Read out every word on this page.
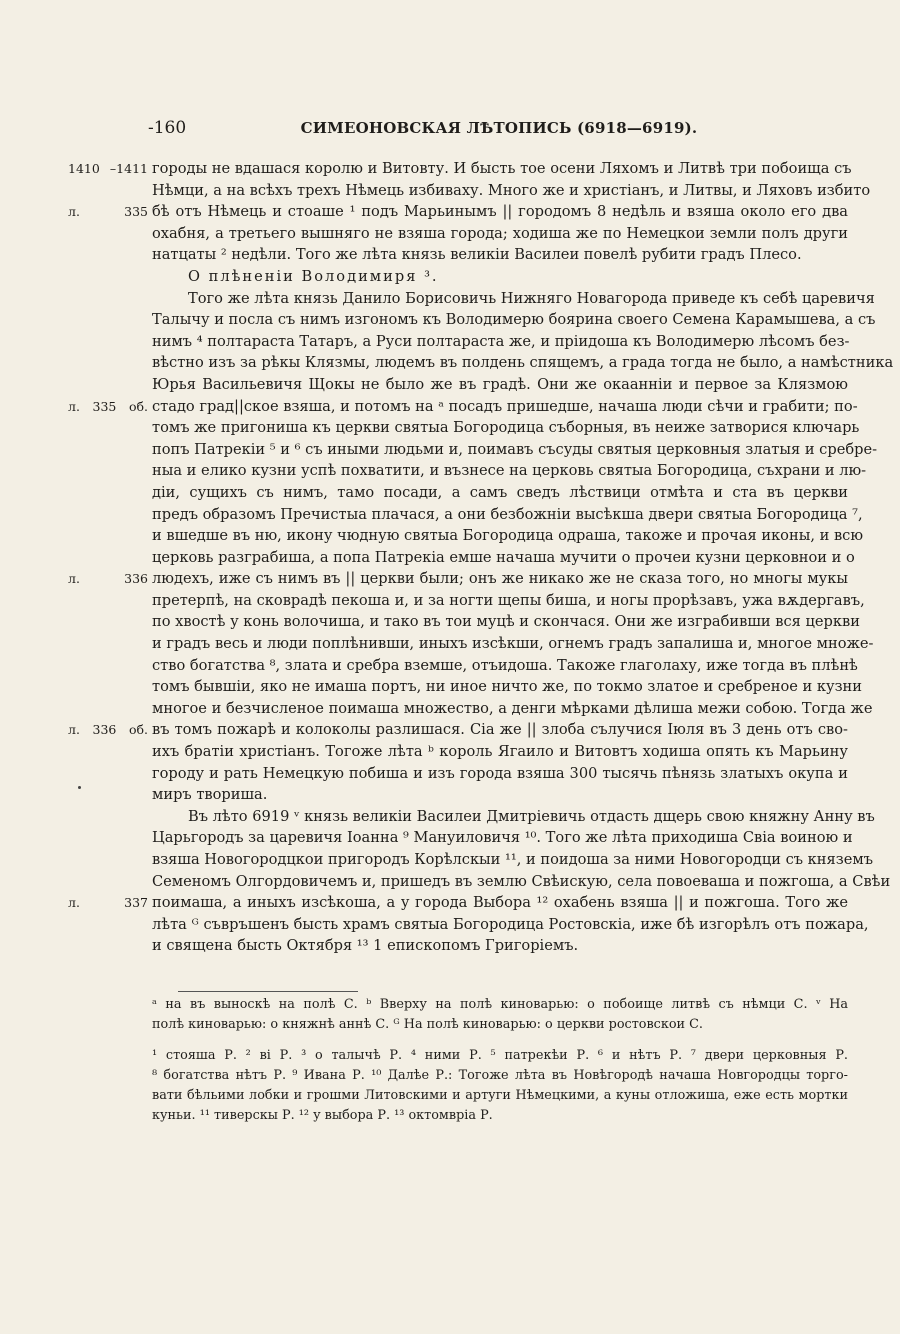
-160	СИМЕОНОВСКАЯ ЛѢТОПИСЬ (6918—6919).
городы не вдашася королю и Витовту. И бысть тое осени Ляхомъ и Литвѣ три побоища съ
1410 –1411
Нѣмци, а на всѣхъ трехъ Нѣмець избиваху. Много же и христіанъ, и Литвы, и Ляховъ избито
бѣ отъ Нѣмець и стоаше ¹ подъ Марьинымъ || городомъ 8 недѣль и взяша около его два
л. 335
охабня, а третьего вышняго не взяша города; ходиша же по Немецкои земли полъ други
натцаты ² недѣли. Того же лѣта князь великіи Василеи повелѣ рубити градъ Плесо.
О плѣненіи Володимиря ³.
Того же лѣта князь Данило Борисовичь Нижняго Новагорода приведе къ себѣ царевичя
Талычу и посла съ нимъ изгономъ къ Володимерю боярина своего Семена Карамышева, а съ
нимъ ⁴ полтараста Татаръ, а Руси полтараста же, и пріидоша къ Володимерю лѣсомъ без-
вѣстно изъ за рѣкы Клязмы, людемъ въ полдень спящемъ, а града тогда не было, а намѣстника
Юрья Васильевичя Щокы не было же въ градѣ. Они же окаанніи и первое за Клязмою
стадо град||ское взяша, и потомъ на ᵃ посадъ пришедше, начаша люди сѣчи и грабити; по-
л. 335 об.
томъ же пригониша къ церкви святыа Богородица съборныя, въ неиже затворися ключарь
попъ Патрекіи ⁵ и ⁶ съ иными людьми и, поимавъ съсуды святыя церковныя златыя и сребре-
ныа и елико кузни успѣ похватити, и възнесе на церковь святыа Богородица, съхрани и лю-
діи, сущихъ съ нимъ, тамо посади, а самъ сведъ лѣствици отмѣта и ста въ церкви
предъ образомъ Пречистыа плачася, а они безбожніи высѣкша двери святыа Богородица ⁷,
и вшедше въ ню, икону чюдную святыа Богородица одраша, такоже и прочая иконы, и всю
церковь разграбиша, а попа Патрекіа емше начаша мучити о прочеи кузни церковнои и о
людехъ, иже съ нимъ въ || церкви были; онъ же никако же не сказа того, но многы мукы
л. 336
претерпѣ, на сковрадѣ пекоша и, и за ногти щепы биша, и ногы прорѣзавъ, ужа вѫдергавъ,
по хвостѣ у конь волочиша, и тако въ тои муцѣ и скончася. Они же изграбивши вся церкви
и градъ весь и люди поплѣнивши, иныхъ изсѣкши, огнемъ градъ запалиша и, многое множе-
ство богатства ⁸, злата и сребра вземше, отъидоша. Такоже глаголаху, иже тогда въ плѣнѣ
томъ бывшіи, яко не имаша портъ, ни иное ничто же, по токмо златое и сребреное и кузни
многое и безчисленое поимаша множество, а денги мѣрками дѣлиша межи собою. Тогда же
въ томъ пожарѣ и колоколы разлишася. Сіа же || злоба сълучися Іюля въ 3 день отъ сво-
л. 336 об.
ихъ братіи христіанъ. Тогоже лѣта ᵇ король Ягаило и Витовтъ ходиша опять къ Марьину
городу и рать Немецкую побиша и изъ города взяша 300 тысячь пѣнязь златыхъ окупа и
миръ твориша.
Въ лѣто 6919 ᵛ князь великіи Василеи Дмитріевичь отдасть дщерь свою княжну Анну въ
Царьгородъ за царевичя Іоанна ⁹ Мануиловичя ¹⁰. Того же лѣта приходиша Свіа воиною и
взяша Новогородцкои пригородъ Корѣлскыи ¹¹, и поидоша за ними Новогородци съ княземъ
Семеномъ Олгордовичемъ и, пришедъ въ землю Свѣискую, села повоеваша и пожгоша, а Свѣи
поимаша, а иныхъ изсѣкоша, а у города Выбора ¹² охабень взяша || и пожгоша. Того же
л. 337
лѣта ᴳ съвръшенъ бысть храмъ святыа Богородица Ростовскіа, иже бѣ изгорѣлъ отъ пожара,
и священа бысть Октября ¹³ 1 епископомъ Григоріемъ.
ᵃ на въ выноскѣ на полѣ С. ᵇ Вверху на полѣ киноварью: о побоище литвѣ съ нѣмци С. ᵛ На
полѣ киноварью: о княжнѣ аннѣ С. ᴳ На полѣ киноварью: о церкви ростовскои С.
¹ стояша Р. ² ві Р. ³ о талычѣ Р. ⁴ ними Р. ⁵ патрекѣи Р. ⁶ и нѣтъ Р. ⁷ двери церковныя Р.
⁸ богатства нѣтъ Р. ⁹ Ивана Р. ¹⁰ Далѣе Р.: Тогоже лѣта въ Новѣгородѣ начаша Новгородцы торго-
вати бѣльими лобки и грошми Литовскими и артуги Нѣмецкими, а куны отложиша, еже есть мортки
куньи. ¹¹ тиверскы Р. ¹² у выбора Р. ¹³ октомвріа Р.
